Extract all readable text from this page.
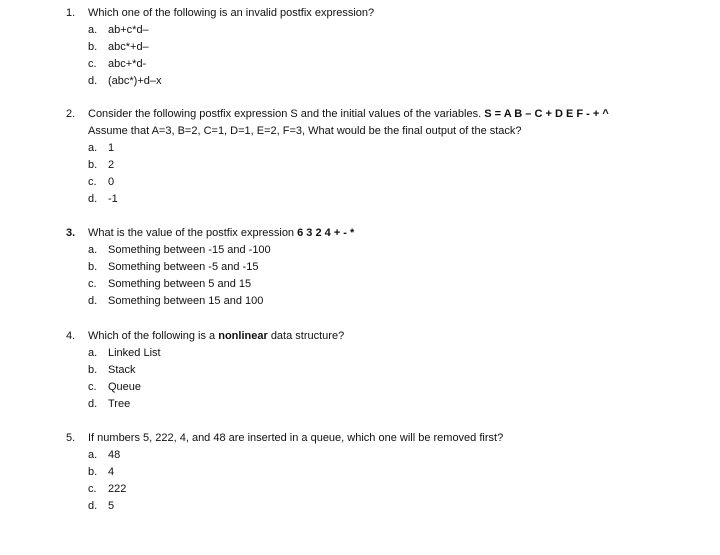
1. Which one of the following is an invalid postfix expression?
a. ab+c*d–
b. abc*+d–
c. abc+*d-
d. (abc*)+d–x
2. Consider the following postfix expression S and the initial values of the variables. S = A B – C + D E F - + ^
Assume that A=3, B=2, C=1, D=1, E=2, F=3, What would be the final output of the stack?
a. 1
b. 2
c. 0
d. -1
3. What is the value of the postfix expression 6 3 2 4 + - *
a. Something between -15 and -100
b. Something between -5 and -15
c. Something between 5 and 15
d. Something between 15 and 100
4. Which of the following is a nonlinear data structure?
a. Linked List
b. Stack
c. Queue
d. Tree
5. If numbers 5, 222, 4, and 48 are inserted in a queue, which one will be removed first?
a. 48
b. 4
c. 222
d. 5
